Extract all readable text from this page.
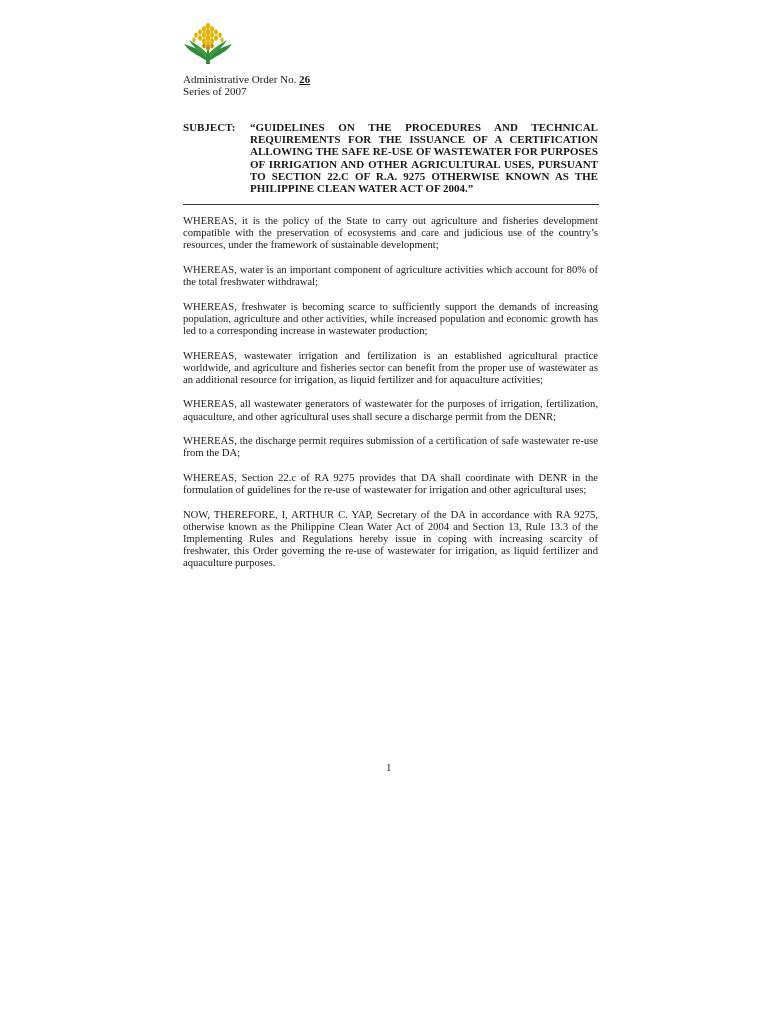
Administrative Order No. 26
Series of 2007
SUBJECT: “GUIDELINES ON THE PROCEDURES AND TECHNICAL REQUIREMENTS FOR THE ISSUANCE OF A CERTIFICATION ALLOWING THE SAFE RE-USE OF WASTEWATER FOR PURPOSES OF IRRIGATION AND OTHER AGRICULTURAL USES, PURSUANT TO SECTION 22.C OF R.A. 9275 OTHERWISE KNOWN AS THE PHILIPPINE CLEAN WATER ACT OF 2004.”

WHEREAS, it is the policy of the State to carry out agriculture and fisheries development compatible with the preservation of ecosystems and care and judicious use of the country’s resources, under the framework of sustainable development;

WHEREAS, water is an important component of agriculture activities which account for 80% of the total freshwater withdrawal;

WHEREAS, freshwater is becoming scarce to sufficiently support the demands of increasing population, agriculture and other activities, while increased population and economic growth has led to a corresponding increase in wastewater production;

WHEREAS, wastewater irrigation and fertilization is an established agricultural practice worldwide, and agriculture and fisheries sector can benefit from the proper use of wastewater as an additional resource for irrigation, as liquid fertilizer and for aquaculture activities;

WHEREAS, all wastewater generators of wastewater for the purposes of irrigation, fertilization, aquaculture, and other agricultural uses shall secure a discharge permit from the DENR;

WHEREAS, the discharge permit requires submission of a certification of safe wastewater re-use from the DA;

WHEREAS, Section 22.c of RA 9275 provides that DA shall coordinate with DENR in the formulation of guidelines for the re-use of wastewater for irrigation and other agricultural uses;

NOW, THEREFORE, I, ARTHUR C. YAP, Secretary of the DA in accordance with RA 9275, otherwise known as the Philippine Clean Water Act of 2004 and Section 13, Rule 13.3 of the Implementing Rules and Regulations hereby issue in coping with increasing scarcity of freshwater, this Order governing the re-use of wastewater for irrigation, as liquid fertilizer and aquaculture purposes.

1
